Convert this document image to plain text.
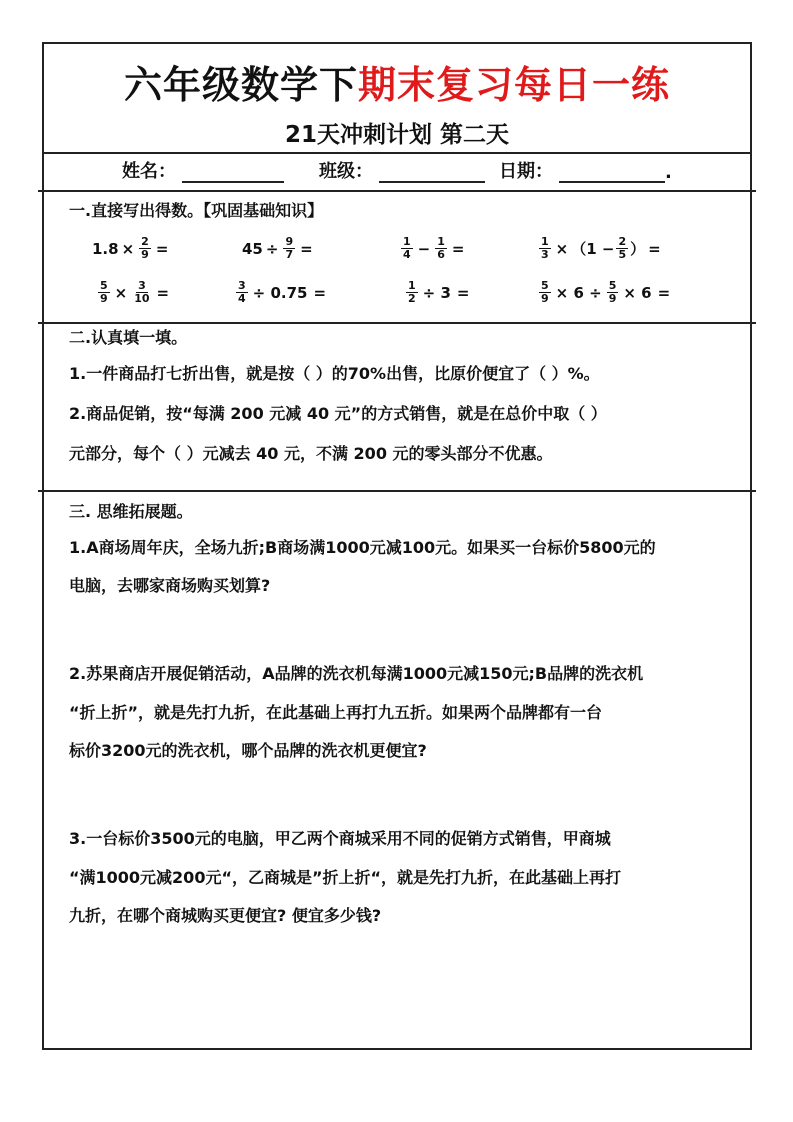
六年级数学下期末复习每日一练
21天冲刺计划 第二天
姓名：	班级：	日期：	.
一.直接写出得数。【巩固基础知识】
$1.8 \times \frac{2}{9}$ =	$45 \div \frac{9}{7}$ =	$\frac{1}{4} - \frac{1}{6}$ =	$\frac{1}{3} \times (1 - \frac{2}{5}$ ） =
$\frac{5}{9} \times \frac{3}{10}$ =	$\frac{3}{4} \div 0.75$ =	$\frac{1}{2} \div 3$ =	$\frac{5}{9} \times 6 \div \frac{5}{9} \times 6$ =
二.认真填一填。
1.一件商品打七折出售，就是按（ ）的70%出售，比原价便宜了（ ）%。
2.商品促销，按“每满 200 元减 40 元”的方式销售，就是在总价中取（ ）
元部分，每个（ ）元减去 40 元，不满 200 元的零头部分不优惠。
三. 思维拓展题。
1.A商场周年庆，全场九折;B商场满1000元减100元。如果买一台标价5800元的
电脑，去哪家商场购买划算?
2.苏果商店开展促销活动，A品牌的洗衣机每满1000元减150元;B品牌的洗衣机
“折上折”，就是先打九折，在此基础上再打九五折。如果两个品牌都有一台
标价3200元的洗衣机，哪个品牌的洗衣机更便宜?
3.一台标价3500元的电脑，甲乙两个商城采用不同的促销方式销售，甲商城
“满1000元减200元“，乙商城是”折上折“，就是先打九折，在此基础上再打
九折，在哪个商城购买更便宜? 便宜多少钱?
